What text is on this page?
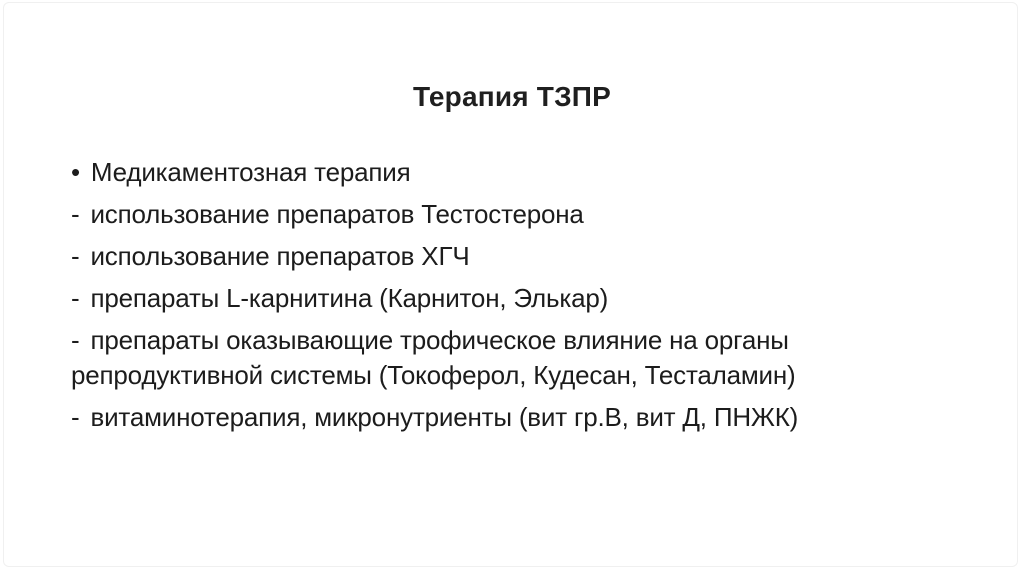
Терапия ТЗПР

• Медикаментозная терапия

- использование препаратов Тестостерона

- использование препаратов ХГЧ

- препараты L-карнитина (Карнитон, Элькар)

- препараты оказывающие трофическое влияние на органы репродуктивной системы (Токоферол, Кудесан, Тесталамин)

- витаминотерапия, микронутриенты (вит гр.В, вит Д, ПНЖК)
